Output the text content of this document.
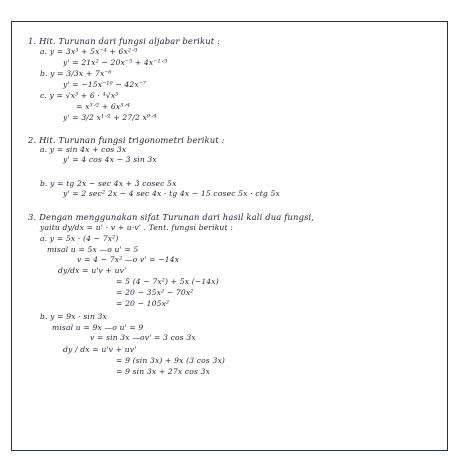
1. Hit. Turunan dari fungsi aljabar berikut :
a. y = 3x³ + 5x⁻⁴ + 6x²ᐟ³
y' = 21x² − 20x⁻⁵ + 4x⁻¹ᐟ³
b. y = 3/3x + 7x⁻⁶
y' = −15x⁻¹⁰ − 42x⁻⁷
c. y = √x³ + 6 · ⁴√x⁵
= x³ᐟ² + 6x⁵ᐟ⁴
y' = 3/2 x¹ᐟ² + 27/2 x⁹ᐟ⁴
2. Hit. Turunan fungsi trigonometri berikut :
a. y = sin 4x + cos 3x
y' = 4 cos 4x − 3 sin 3x
b. y = tg 2x − sec 4x + 3 cosec 5x
y' = 2 sec² 2x − 4 sec 4x · tg 4x − 15 cosec 5x · ctg 5x
3. Dengan menggunakan sifat Turunan dari hasil kali dua fungsi,
yaitu dy/dx = u' · v + u·v' . Tent. fungsi berikut :
a. y = 5x · (4 − 7x²)
misal u = 5x —o u' = 5
v = 4 − 7x² —o v' = −14x
dy/dx = u'v + uv'
= 5 (4 − 7x²) + 5x (−14x)
= 20 − 35x² − 70x²
= 20 − 105x²
b. y = 9x · sin 3x
misal u = 9x —o u' = 9
v = sin 3x —ov' = 3 cos 3x
dy / dx = u'v + uv'
= 9 (sin 3x) + 9x (3 cos 3x)
= 9 sin 3x + 27x cos 3x
